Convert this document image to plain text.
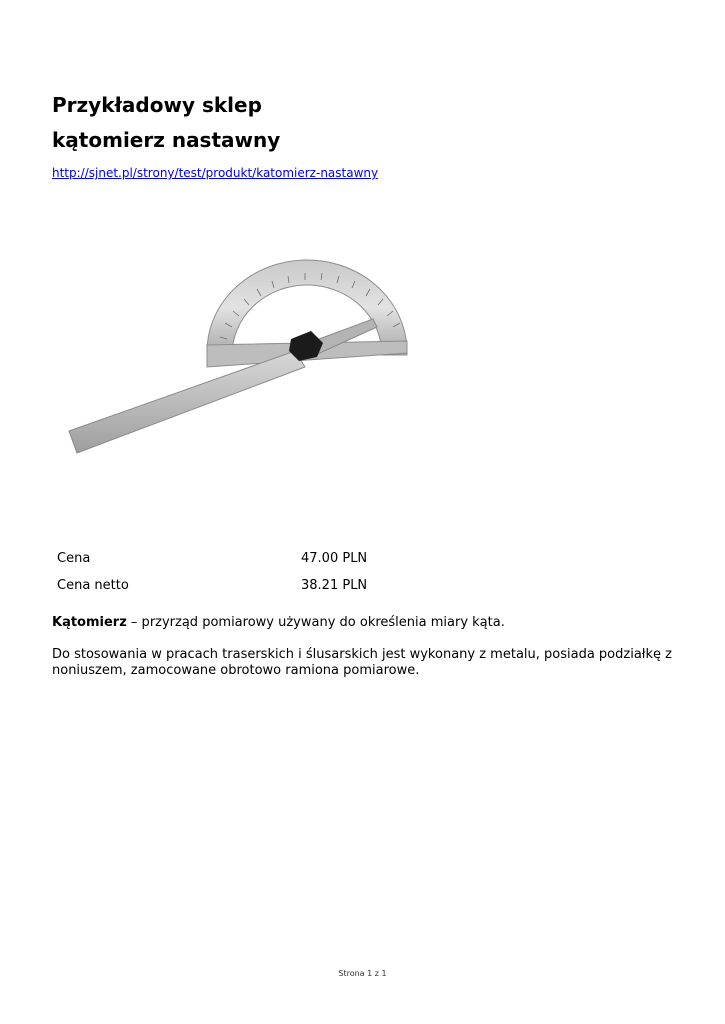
Przykładowy sklep
kątomierz nastawny
http://sjnet.pl/strony/test/produkt/katomierz-nastawny
Cena	47.00 PLN
Cena netto	38.21 PLN

Kątomierz – przyrząd pomiarowy używany do określenia miary kąta.

Do stosowania w pracach traserskich i ślusarskich jest wykonany z metalu, posiada podziałkę z noniuszem, zamocowane obrotowo ramiona pomiarowe.

Strona 1 z 1
